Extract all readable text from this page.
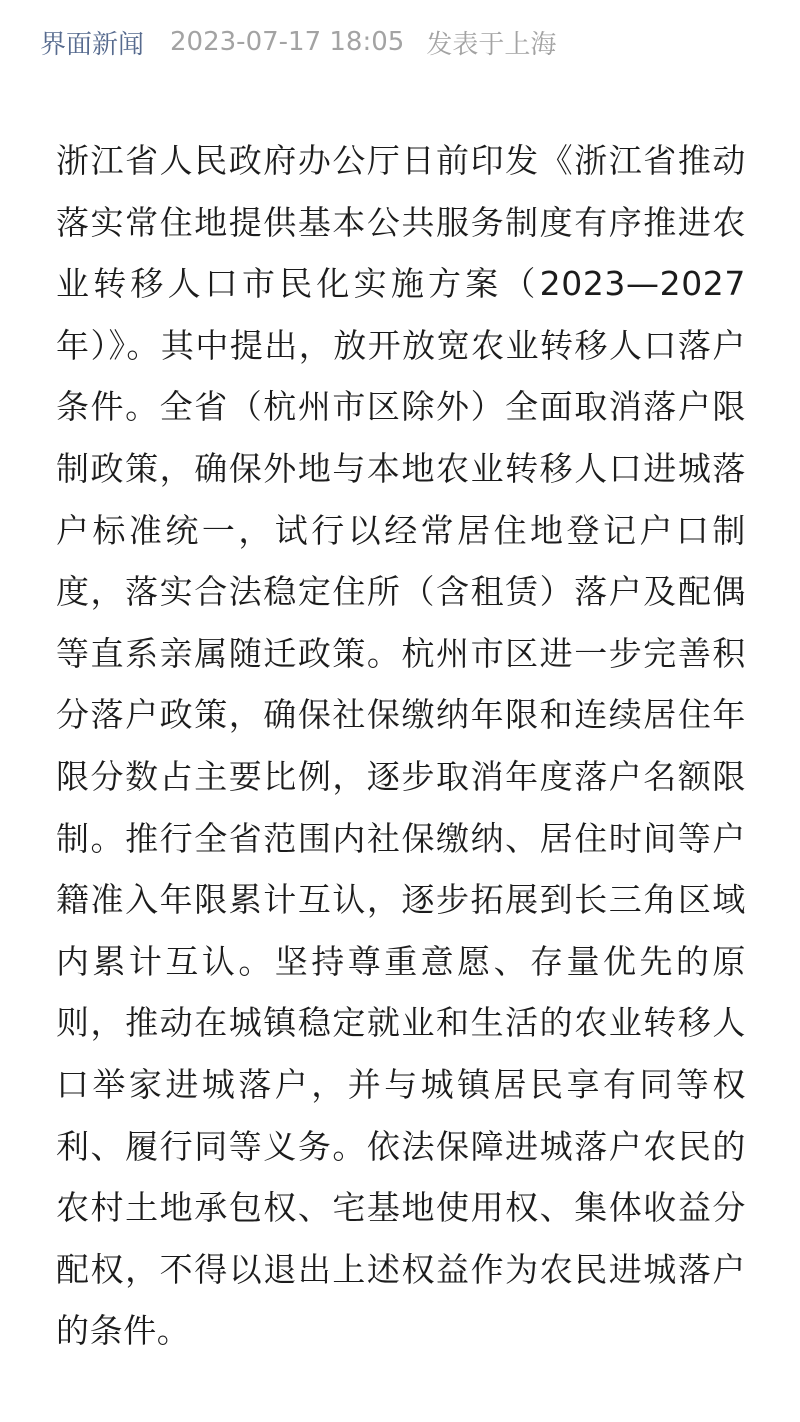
界面新闻 2023-07-17 18:05 发表于上海

浙江省人民政府办公厅日前印发《浙江省推动落实常住地提供基本公共服务制度有序推进农业转移人口市民化实施方案（2023—2027年）》。其中提出，放开放宽农业转移人口落户条件。全省（杭州市区除外）全面取消落户限制政策，确保外地与本地农业转移人口进城落户标准统一，试行以经常居住地登记户口制度，落实合法稳定住所（含租赁）落户及配偶等直系亲属随迁政策。杭州市区进一步完善积分落户政策，确保社保缴纳年限和连续居住年限分数占主要比例，逐步取消年度落户名额限制。推行全省范围内社保缴纳、居住时间等户籍准入年限累计互认，逐步拓展到长三角区域内累计互认。坚持尊重意愿、存量优先的原则，推动在城镇稳定就业和生活的农业转移人口举家进城落户，并与城镇居民享有同等权利、履行同等义务。依法保障进城落户农民的农村土地承包权、宅基地使用权、集体收益分配权，不得以退出上述权益作为农民进城落户的条件。
